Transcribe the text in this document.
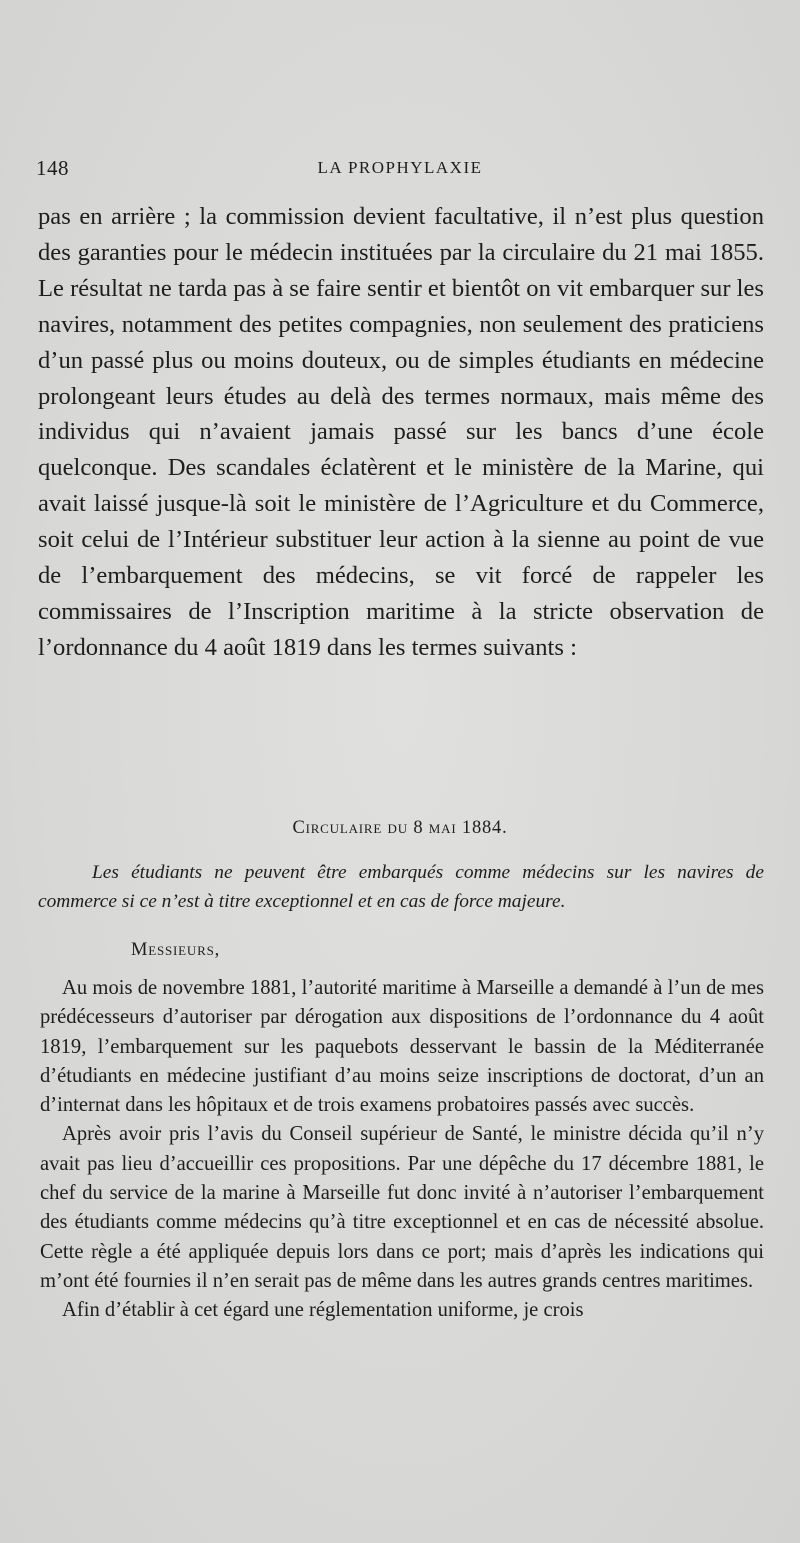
148	LA PROPHYLAXIE

pas en arrière ; la commission devient facultative, il n’est plus question des garanties pour le médecin instituées par la circulaire du 21 mai 1855. Le résultat ne tarda pas à se faire sentir et bientôt on vit embarquer sur les navires, notamment des petites compagnies, non seulement des praticiens d’un passé plus ou moins douteux, ou de simples étudiants en médecine prolongeant leurs études au delà des termes normaux, mais même des individus qui n’avaient jamais passé sur les bancs d’une école quelconque. Des scandales éclatèrent et le ministère de la Marine, qui avait laissé jusque-là soit le ministère de l’Agriculture et du Commerce, soit celui de l’Intérieur substituer leur action à la sienne au point de vue de l’embarquement des médecins, se vit forcé de rappeler les commissaires de l’Inscription maritime à la stricte observation de l’ordonnance du 4 août 1819 dans les termes suivants :

Circulaire du 8 mai 1884.

Les étudiants ne peuvent être embarqués comme médecins sur les navires de commerce si ce n’est à titre exceptionnel et en cas de force majeure.

Messieurs,

Au mois de novembre 1881, l’autorité maritime à Marseille a demandé à l’un de mes prédécesseurs d’autoriser par dérogation aux dispositions de l’ordonnance du 4 août 1819, l’embarquement sur les paquebots desservant le bassin de la Méditerranée d’étudiants en médecine justifiant d’au moins seize inscriptions de doctorat, d’un an d’internat dans les hôpitaux et de trois examens probatoires passés avec succès.

Après avoir pris l’avis du Conseil supérieur de Santé, le ministre décida qu’il n’y avait pas lieu d’accueillir ces propositions. Par une dépêche du 17 décembre 1881, le chef du service de la marine à Marseille fut donc invité à n’autoriser l’embarquement des étudiants comme médecins qu’à titre exceptionnel et en cas de nécessité absolue. Cette règle a été appliquée depuis lors dans ce port; mais d’après les indications qui m’ont été fournies il n’en serait pas de même dans les autres grands centres maritimes.

Afin d’établir à cet égard une réglementation uniforme, je crois
